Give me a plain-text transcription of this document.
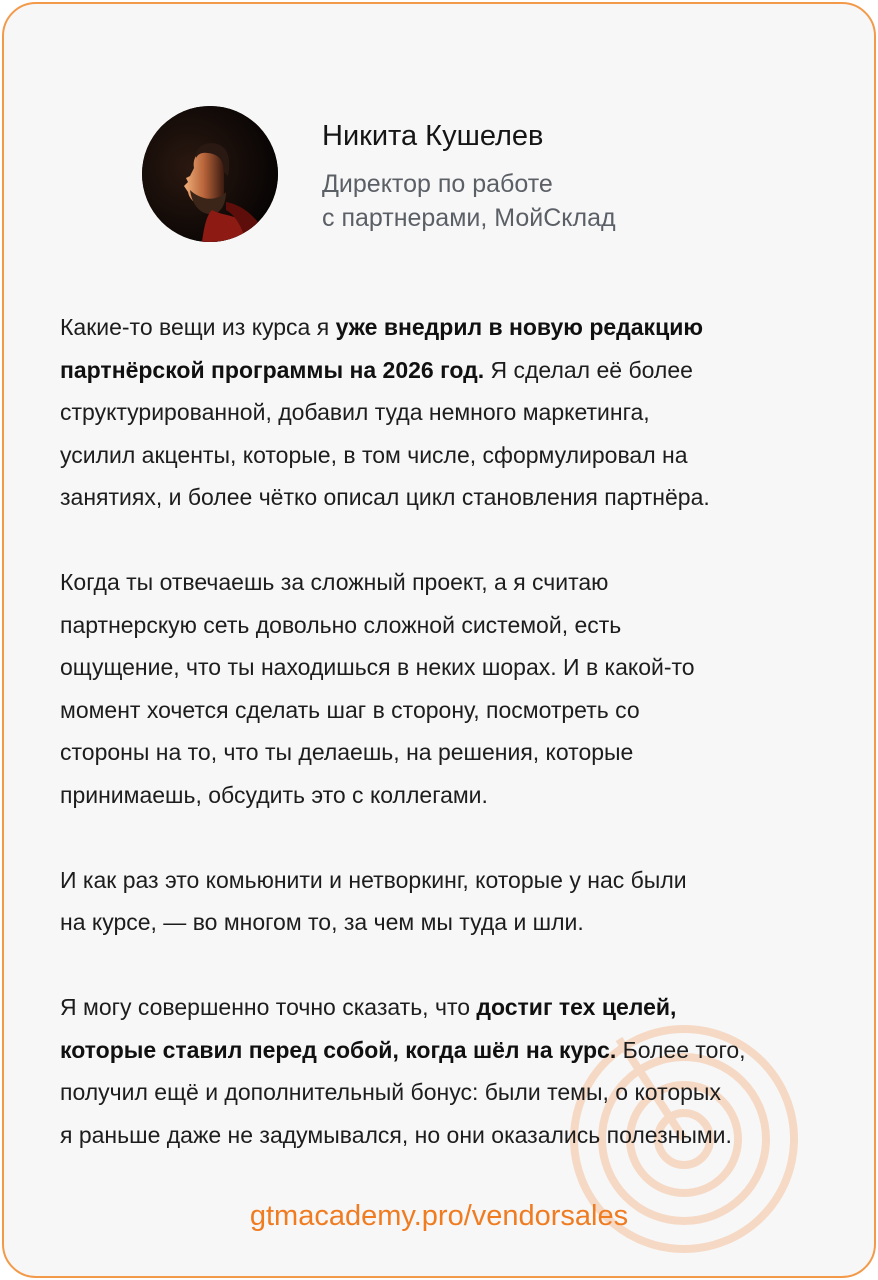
Никита Кушелев
Директор по работе
с партнерами, МойСклад
Какие-то вещи из курса я уже внедрил в новую редакцию
партнёрской программы на 2026 год. Я сделал её более
структурированной, добавил туда немного маркетинга,
усилил акценты, которые, в том числе, сформулировал на
занятиях, и более чётко описал цикл становления партнёра.
Когда ты отвечаешь за сложный проект, а я считаю
партнерскую сеть довольно сложной системой, есть
ощущение, что ты находишься в неких шорах. И в какой-то
момент хочется сделать шаг в сторону, посмотреть со
стороны на то, что ты делаешь, на решения, которые
принимаешь, обсудить это с коллегами.
И как раз это комьюнити и нетворкинг, которые у нас были
на курсе, — во многом то, за чем мы туда и шли.
Я могу совершенно точно сказать, что достиг тех целей,
которые ставил перед собой, когда шёл на курс. Более того,
получил ещё и дополнительный бонус: были темы, о которых
я раньше даже не задумывался, но они оказались полезными.
gtmacademy.pro/vendorsales
